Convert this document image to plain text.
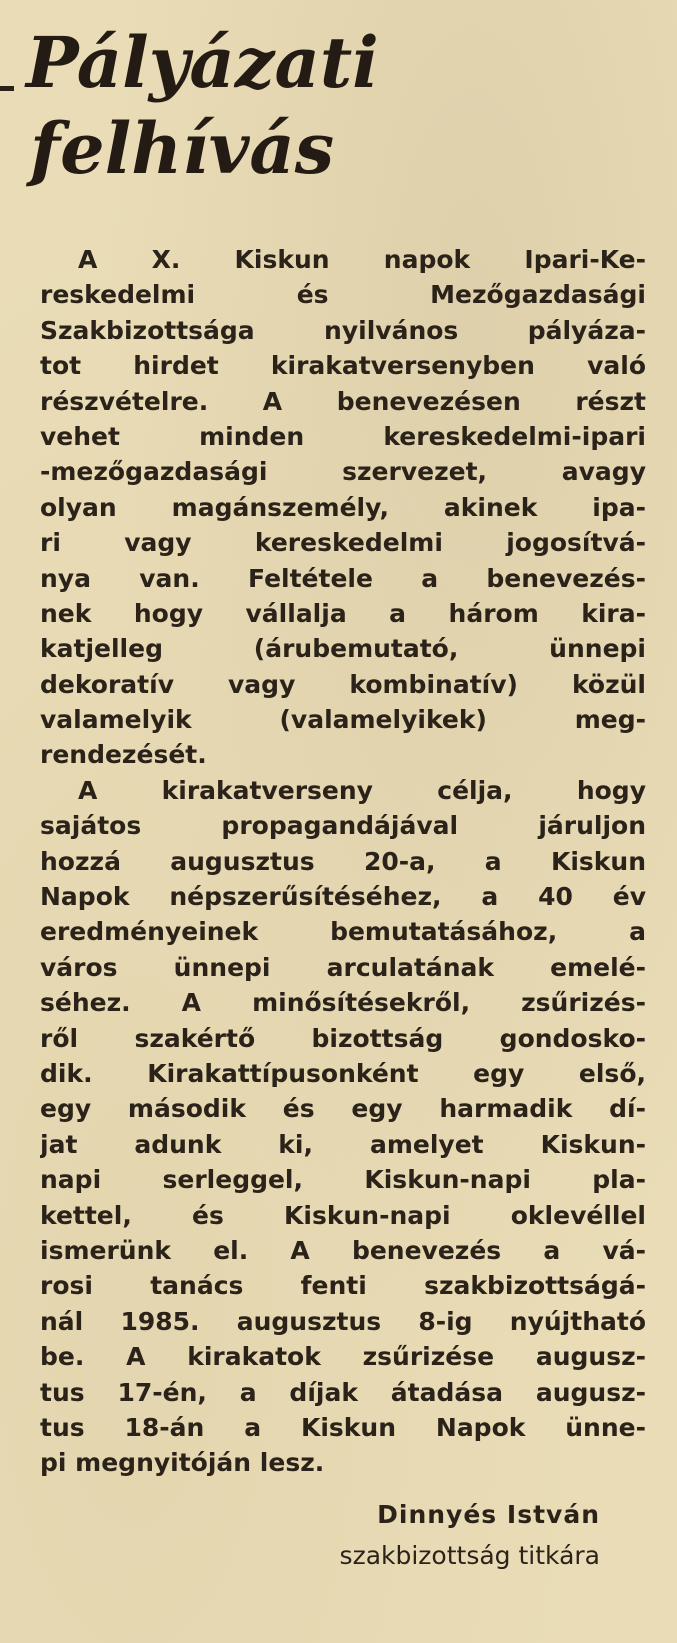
Pályázati
felhívás
A X. Kiskun napok Ipari-Ke-
reskedelmi és Mezőgazdasági
Szakbizottsága nyilvános pályáza-
tot hirdet kirakatversenyben való
részvételre. A benevezésen részt
vehet minden kereskedelmi-ipari
-mezőgazdasági szervezet, avagy
olyan magánszemély, akinek ipa-
ri vagy kereskedelmi jogosítvá-
nya van. Feltétele a benevezés-
nek hogy vállalja a három kira-
katjelleg (árubemutató, ünnepi
dekoratív vagy kombinatív) közül
valamelyik (valamelyikek) meg-
rendezését.
A kirakatverseny célja, hogy
sajátos propagandájával járuljon
hozzá augusztus 20-a, a Kiskun
Napok népszerűsítéséhez, a 40 év
eredményeinek bemutatásához, a
város ünnepi arculatának emelé-
séhez. A minősítésekről, zsűrizés-
ről szakértő bizottság gondosko-
dik. Kirakattípusonként egy első,
egy második és egy harmadik dí-
jat adunk ki, amelyet Kiskun-
napi serleggel, Kiskun-napi pla-
kettel, és Kiskun-napi oklevéllel
ismerünk el. A benevezés a vá-
rosi tanács fenti szakbizottságá-
nál 1985. augusztus 8-ig nyújtható
be. A kirakatok zsűrizése augusz-
tus 17-én, a díjak átadása augusz-
tus 18-án a Kiskun Napok ünne-
pi megnyitóján lesz.
Dinnyés István
szakbizottság titkára
